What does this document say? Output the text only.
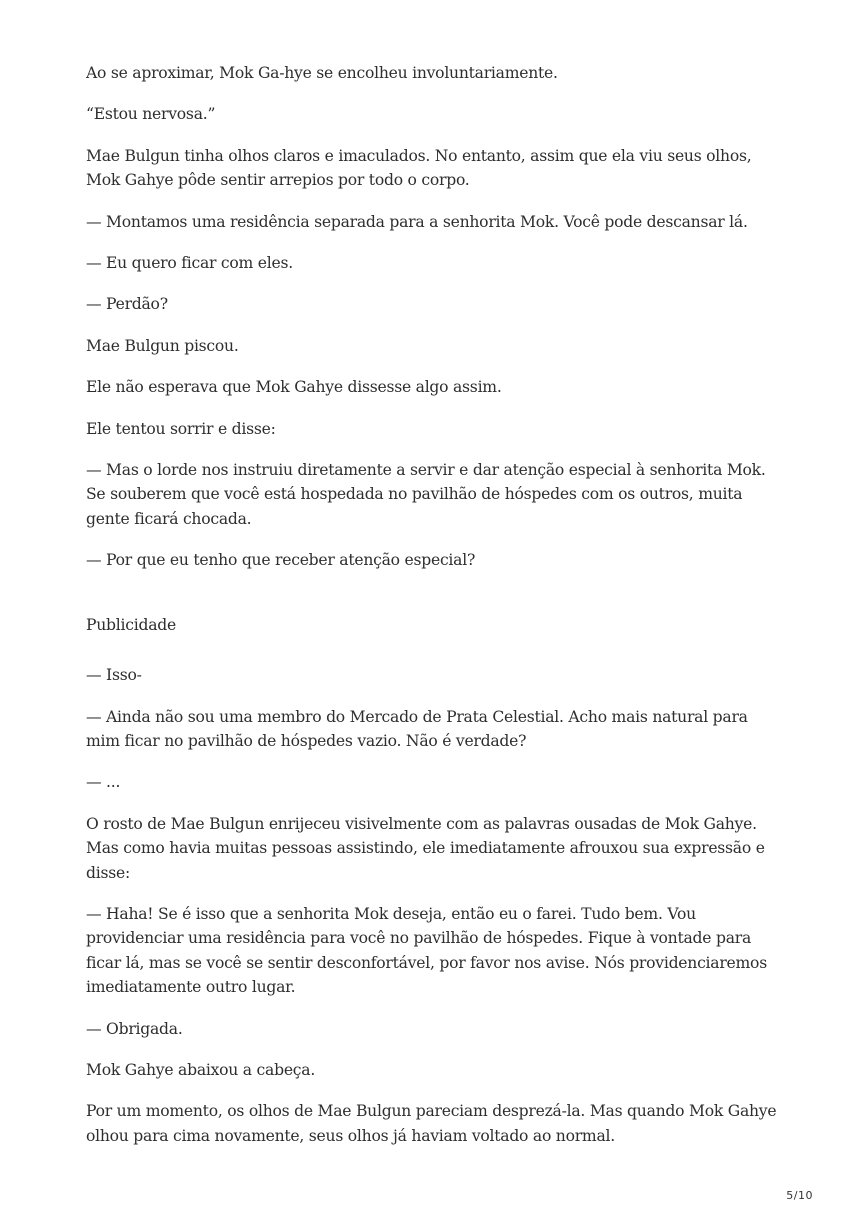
Ao se aproximar, Mok Ga-hye se encolheu involuntariamente.

“Estou nervosa.”

Mae Bulgun tinha olhos claros e imaculados. No entanto, assim que ela viu seus olhos, Mok Gahye pôde sentir arrepios por todo o corpo.

— Montamos uma residência separada para a senhorita Mok. Você pode descansar lá.

— Eu quero ficar com eles.

— Perdão?

Mae Bulgun piscou.

Ele não esperava que Mok Gahye dissesse algo assim.

Ele tentou sorrir e disse:

— Mas o lorde nos instruiu diretamente a servir e dar atenção especial à senhorita Mok. Se souberem que você está hospedada no pavilhão de hóspedes com os outros, muita gente ficará chocada.

— Por que eu tenho que receber atenção especial?

Publicidade

— Isso-

— Ainda não sou uma membro do Mercado de Prata Celestial. Acho mais natural para mim ficar no pavilhão de hóspedes vazio. Não é verdade?

— ...

O rosto de Mae Bulgun enrijeceu visivelmente com as palavras ousadas de Mok Gahye. Mas como havia muitas pessoas assistindo, ele imediatamente afrouxou sua expressão e disse:

— Haha! Se é isso que a senhorita Mok deseja, então eu o farei. Tudo bem. Vou providenciar uma residência para você no pavilhão de hóspedes. Fique à vontade para ficar lá, mas se você se sentir desconfortável, por favor nos avise. Nós providenciaremos imediatamente outro lugar.

— Obrigada.

Mok Gahye abaixou a cabeça.

Por um momento, os olhos de Mae Bulgun pareciam desprezá-la. Mas quando Mok Gahye olhou para cima novamente, seus olhos já haviam voltado ao normal.

5/10
